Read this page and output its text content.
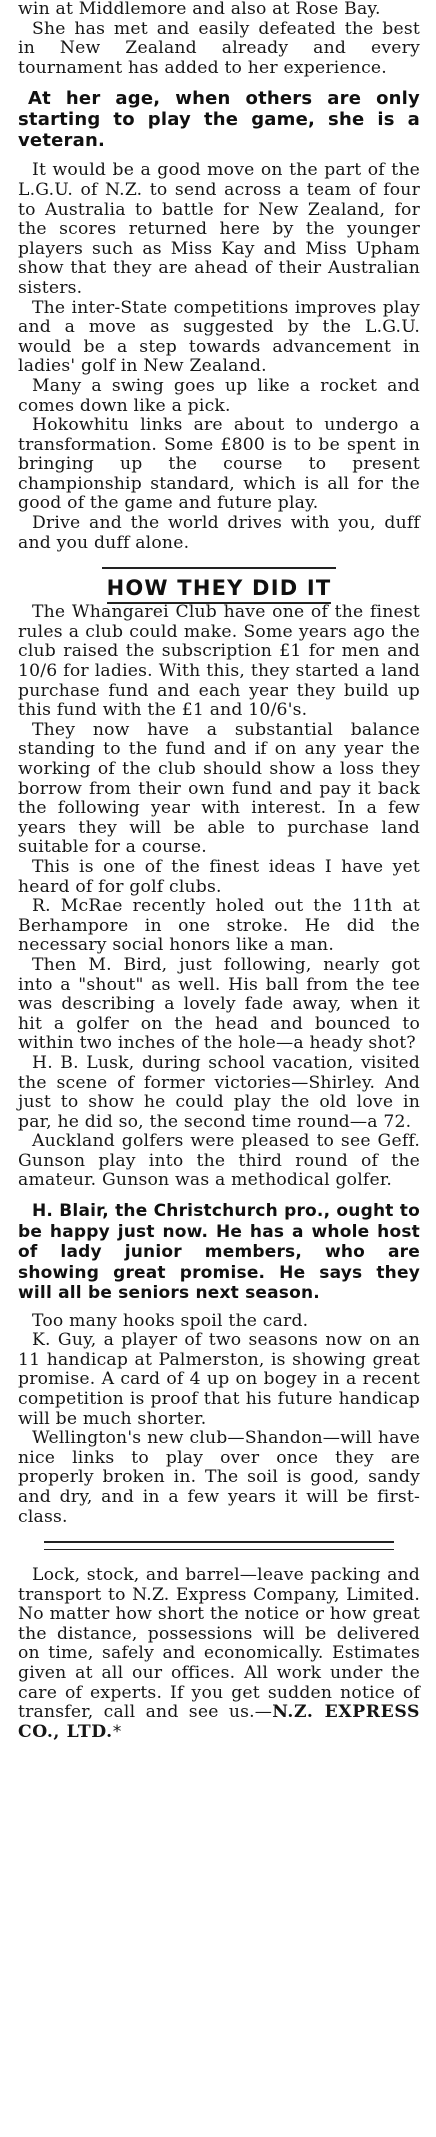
win at Middlemore and also at Rose Bay.

She has met and easily defeated the best in New Zealand already and every tournament has added to her experience.

At her age, when others are only starting to play the game, she is a veteran.

It would be a good move on the part of the L.G.U. of N.Z. to send across a team of four to Australia to battle for New Zealand, for the scores returned here by the younger players such as Miss Kay and Miss Upham show that they are ahead of their Australian sisters.

The inter-State competitions improves play and a move as suggested by the L.G.U. would be a step towards advancement in ladies' golf in New Zealand.

Many a swing goes up like a rocket and comes down like a pick.

Hokowhitu links are about to undergo a transformation. Some £800 is to be spent in bringing up the course to present championship standard, which is all for the good of the game and future play.

Drive and the world drives with you, duff and you duff alone.

HOW THEY DID IT

The Whangarei Club have one of the finest rules a club could make. Some years ago the club raised the subscription £1 for men and 10/6 for ladies. With this, they started a land purchase fund and each year they build up this fund with the £1 and 10/6's.

They now have a substantial balance standing to the fund and if on any year the working of the club should show a loss they borrow from their own fund and pay it back the following year with interest. In a few years they will be able to purchase land suitable for a course.

This is one of the finest ideas I have yet heard of for golf clubs.

R. McRae recently holed out the 11th at Berhampore in one stroke. He did the necessary social honors like a man.

Then M. Bird, just following, nearly got into a "shout" as well. His ball from the tee was describing a lovely fade away, when it hit a golfer on the head and bounced to within two inches of the hole—a heady shot?

H. B. Lusk, during school vacation, visited the scene of former victories—Shirley. And just to show he could play the old love in par, he did so, the second time round—a 72.

Auckland golfers were pleased to see Geff. Gunson play into the third round of the amateur. Gunson was a methodical golfer.

H. Blair, the Christchurch pro., ought to be happy just now. He has a whole host of lady junior members, who are showing great promise. He says they will all be seniors next season.

Too many hooks spoil the card.

K. Guy, a player of two seasons now on an 11 handicap at Palmerston, is showing great promise. A card of 4 up on bogey in a recent competition is proof that his future handicap will be much shorter.

Wellington's new club—Shandon—will have nice links to play over once they are properly broken in. The soil is good, sandy and dry, and in a few years it will be first-class.

Lock, stock, and barrel—leave packing and transport to N.Z. Express Company, Limited. No matter how short the notice or how great the distance, possessions will be delivered on time, safely and economically. Estimates given at all our offices. All work under the care of experts. If you get sudden notice of transfer, call and see us.—N.Z. EXPRESS CO., LTD.*
